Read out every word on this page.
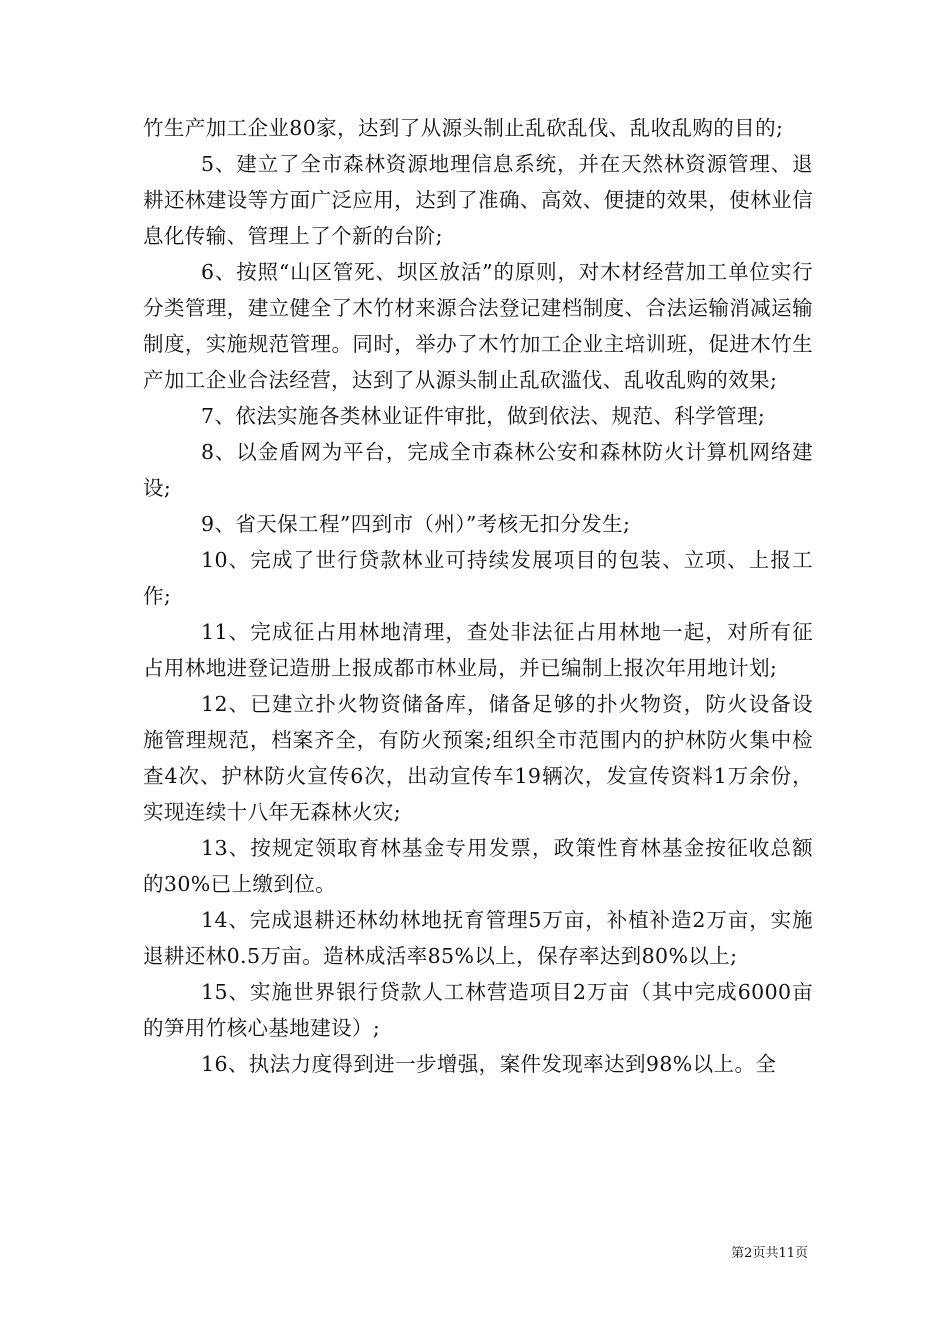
竹生产加工企业80家，达到了从源头制止乱砍乱伐、乱收乱购的目的;

5、建立了全市森林资源地理信息系统，并在天然林资源管理、退耕还林建设等方面广泛应用，达到了准确、高效、便捷的效果，使林业信息化传输、管理上了个新的台阶;

6、按照“山区管死、坝区放活”的原则，对木材经营加工单位实行分类管理，建立健全了木竹材来源合法登记建档制度、合法运输消减运输制度，实施规范管理。同时，举办了木竹加工企业主培训班，促进木竹生产加工企业合法经营，达到了从源头制止乱砍滥伐、乱收乱购的效果;

7、依法实施各类林业证件审批，做到依法、规范、科学管理;

8、以金盾网为平台，完成全市森林公安和森林防火计算机网络建设;

9、省天保工程”四到市（州）”考核无扣分发生;

10、完成了世行贷款林业可持续发展项目的包装、立项、上报工作;

11、完成征占用林地清理，查处非法征占用林地一起，对所有征占用林地进登记造册上报成都市林业局，并已编制上报次年用地计划;

12、已建立扑火物资储备库，储备足够的扑火物资，防火设备设施管理规范，档案齐全，有防火预案;组织全市范围内的护林防火集中检查4次、护林防火宣传6次，出动宣传车19辆次，发宣传资料1万余份，实现连续十八年无森林火灾;

13、按规定领取育林基金专用发票，政策性育林基金按征收总额的30%已上缴到位。

14、完成退耕还林幼林地抚育管理5万亩，补植补造2万亩，实施退耕还林0.5万亩。造林成活率85%以上，保存率达到80%以上;

15、实施世界银行贷款人工林营造项目2万亩（其中完成6000亩的笋用竹核心基地建设）;

16、执法力度得到进一步增强，案件发现率达到98%以上。全

第2页共11页
